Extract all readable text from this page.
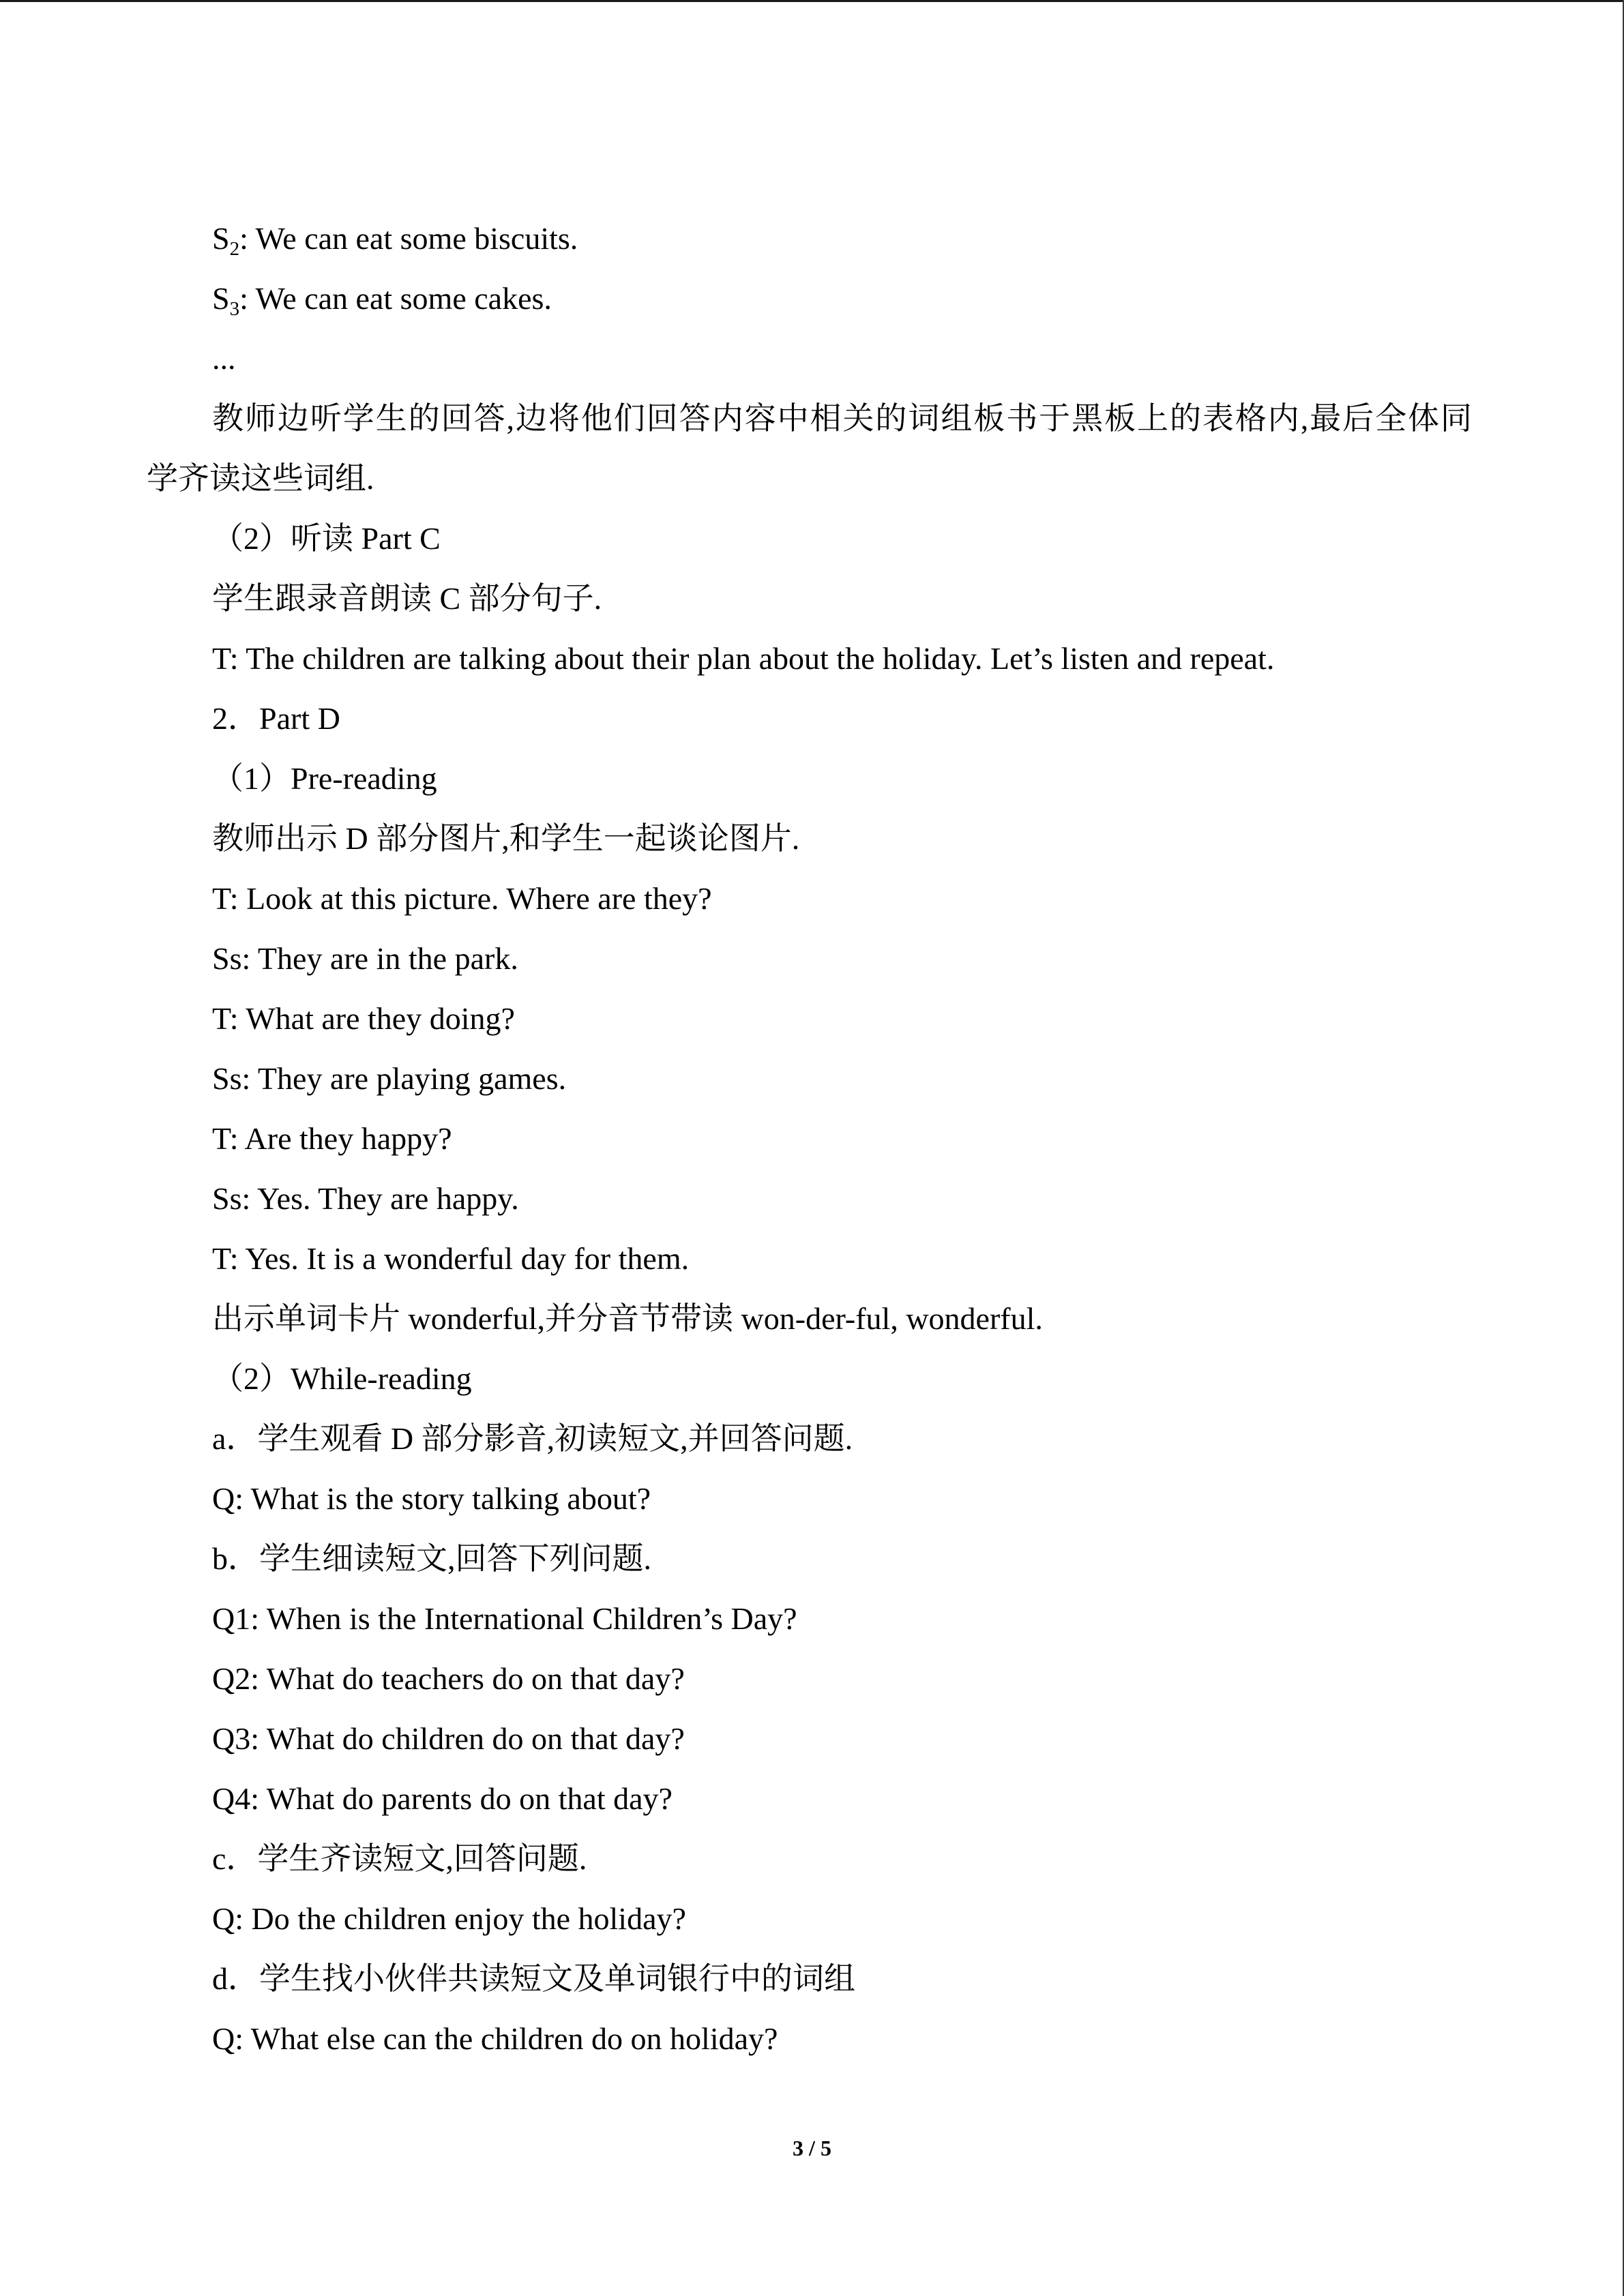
$S_2$: We can eat some biscuits.
$S_3$: We can eat some cakes.
...
教师边听学生的回答,边将他们回答内容中相关的词组板书于黑板上的表格内,最后全体同
学齐读这些词组.
（2）听读 Part C
学生跟录音朗读 C 部分句子.
T: The children are talking about their plan about the holiday. Let’s listen and repeat.
2．Part D
（1）Pre-reading
教师出示 D 部分图片,和学生一起谈论图片.
T: Look at this picture. Where are they?
Ss: They are in the park.
T: What are they doing?
Ss: They are playing games.
T: Are they happy?
Ss: Yes. They are happy.
T: Yes. It is a wonderful day for them.
出示单词卡片 wonderful,并分音节带读 won-der-ful, wonderful.
（2）While-reading
a．学生观看 D 部分影音,初读短文,并回答问题.
Q: What is the story talking about?
b．学生细读短文,回答下列问题.
Q1: When is the International Children’s Day?
Q2: What do teachers do on that day?
Q3: What do children do on that day?
Q4: What do parents do on that day?
c．学生齐读短文,回答问题.
Q: Do the children enjoy the holiday?
d．学生找小伙伴共读短文及单词银行中的词组
Q: What else can the children do on holiday?
3 / 5
